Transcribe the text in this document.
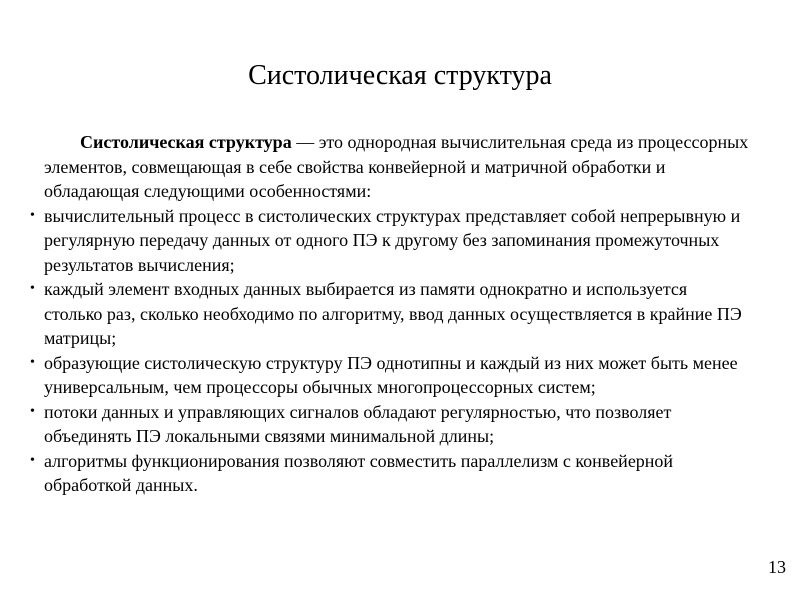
Систолическая структура

Систолическая структура — это однородная вычислительная среда из процессорных элементов, совмещающая в себе свойства конвейерной и матричной обработки и обладающая следующими особенностями:

• вычислительный процесс в систолических структурах представляет собой непрерывную и регулярную передачу данных от одного ПЭ к другому без запоминания промежуточных результатов вычисления;
• каждый элемент входных данных выбирается из памяти однократно и используется столько раз, сколько необходимо по алгоритму, ввод данных осуществляется в крайние ПЭ матрицы;
• образующие систолическую структуру ПЭ однотипны и каждый из них может быть менее универсальным, чем процессоры обычных многопроцессорных систем;
• потоки данных и управляющих сигналов обладают регулярностью, что позволяет объединять ПЭ локальными связями минимальной длины;
• алгоритмы функционирования позволяют совместить параллелизм с конвейерной обработкой данных.
13
